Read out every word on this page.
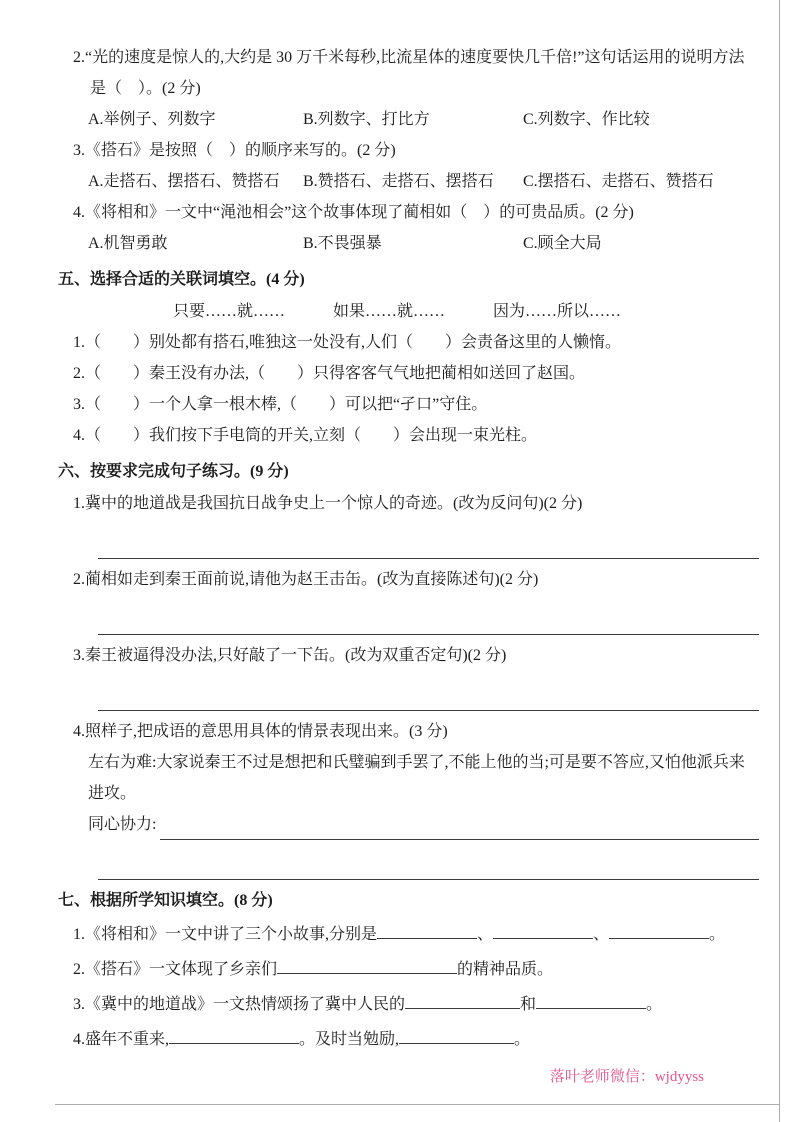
2.“光的速度是惊人的,大约是 30 万千米每秒,比流星体的速度要快几千倍!”这句话运用的说明方法是（　）。(2 分)

A.举例子、列数字	B.列数字、打比方	C.列数字、作比较

3.《搭石》是按照（　）的顺序来写的。(2 分)

A.走搭石、摆搭石、赞搭石	B.赞搭石、走搭石、摆搭石	C.摆搭石、走搭石、赞搭石

4.《将相和》一文中“渑池相会”这个故事体现了蔺相如（　）的可贵品质。(2 分)

A.机智勇敢	B.不畏强暴	C.顾全大局
五、选择合适的关联词填空。(4 分)
只要……就……	如果……就……	因为……所以……

1.（　　）别处都有搭石,唯独这一处没有,人们（　　）会责备这里的人懒惰。

2.（　　）秦王没有办法,（　　）只得客客气气地把蔺相如送回了赵国。

3.（　　）一个人拿一根木棒,（　　）可以把“孑口”守住。

4.（　　）我们按下手电筒的开关,立刻（　　）会出现一束光柱。

六、按要求完成句子练习。(9 分)

1.冀中的地道战是我国抗日战争史上一个惊人的奇迹。(改为反问句)(2 分)

2.蔺相如走到秦王面前说,请他为赵王击缶。(改为直接陈述句)(2 分)

3.秦王被逼得没办法,只好敲了一下缶。(改为双重否定句)(2 分)

4.照样子,把成语的意思用具体的情景表现出来。(3 分)

左右为难:大家说秦王不过是想把和氏璧骗到手罢了,不能上他的当;可是要不答应,又怕他派兵来进攻。

同心协力:
七、根据所学知识填空。(8 分)

1.《将相和》一文中讲了三个小故事,分别是	、	、	。

2.《搭石》一文体现了乡亲们	的精神品质。

3.《冀中的地道战》一文热情颂扬了冀中人民的	和	。

4.盛年不重来,	。及时当勉励,	。

落叶老师微信：wjdyyss
